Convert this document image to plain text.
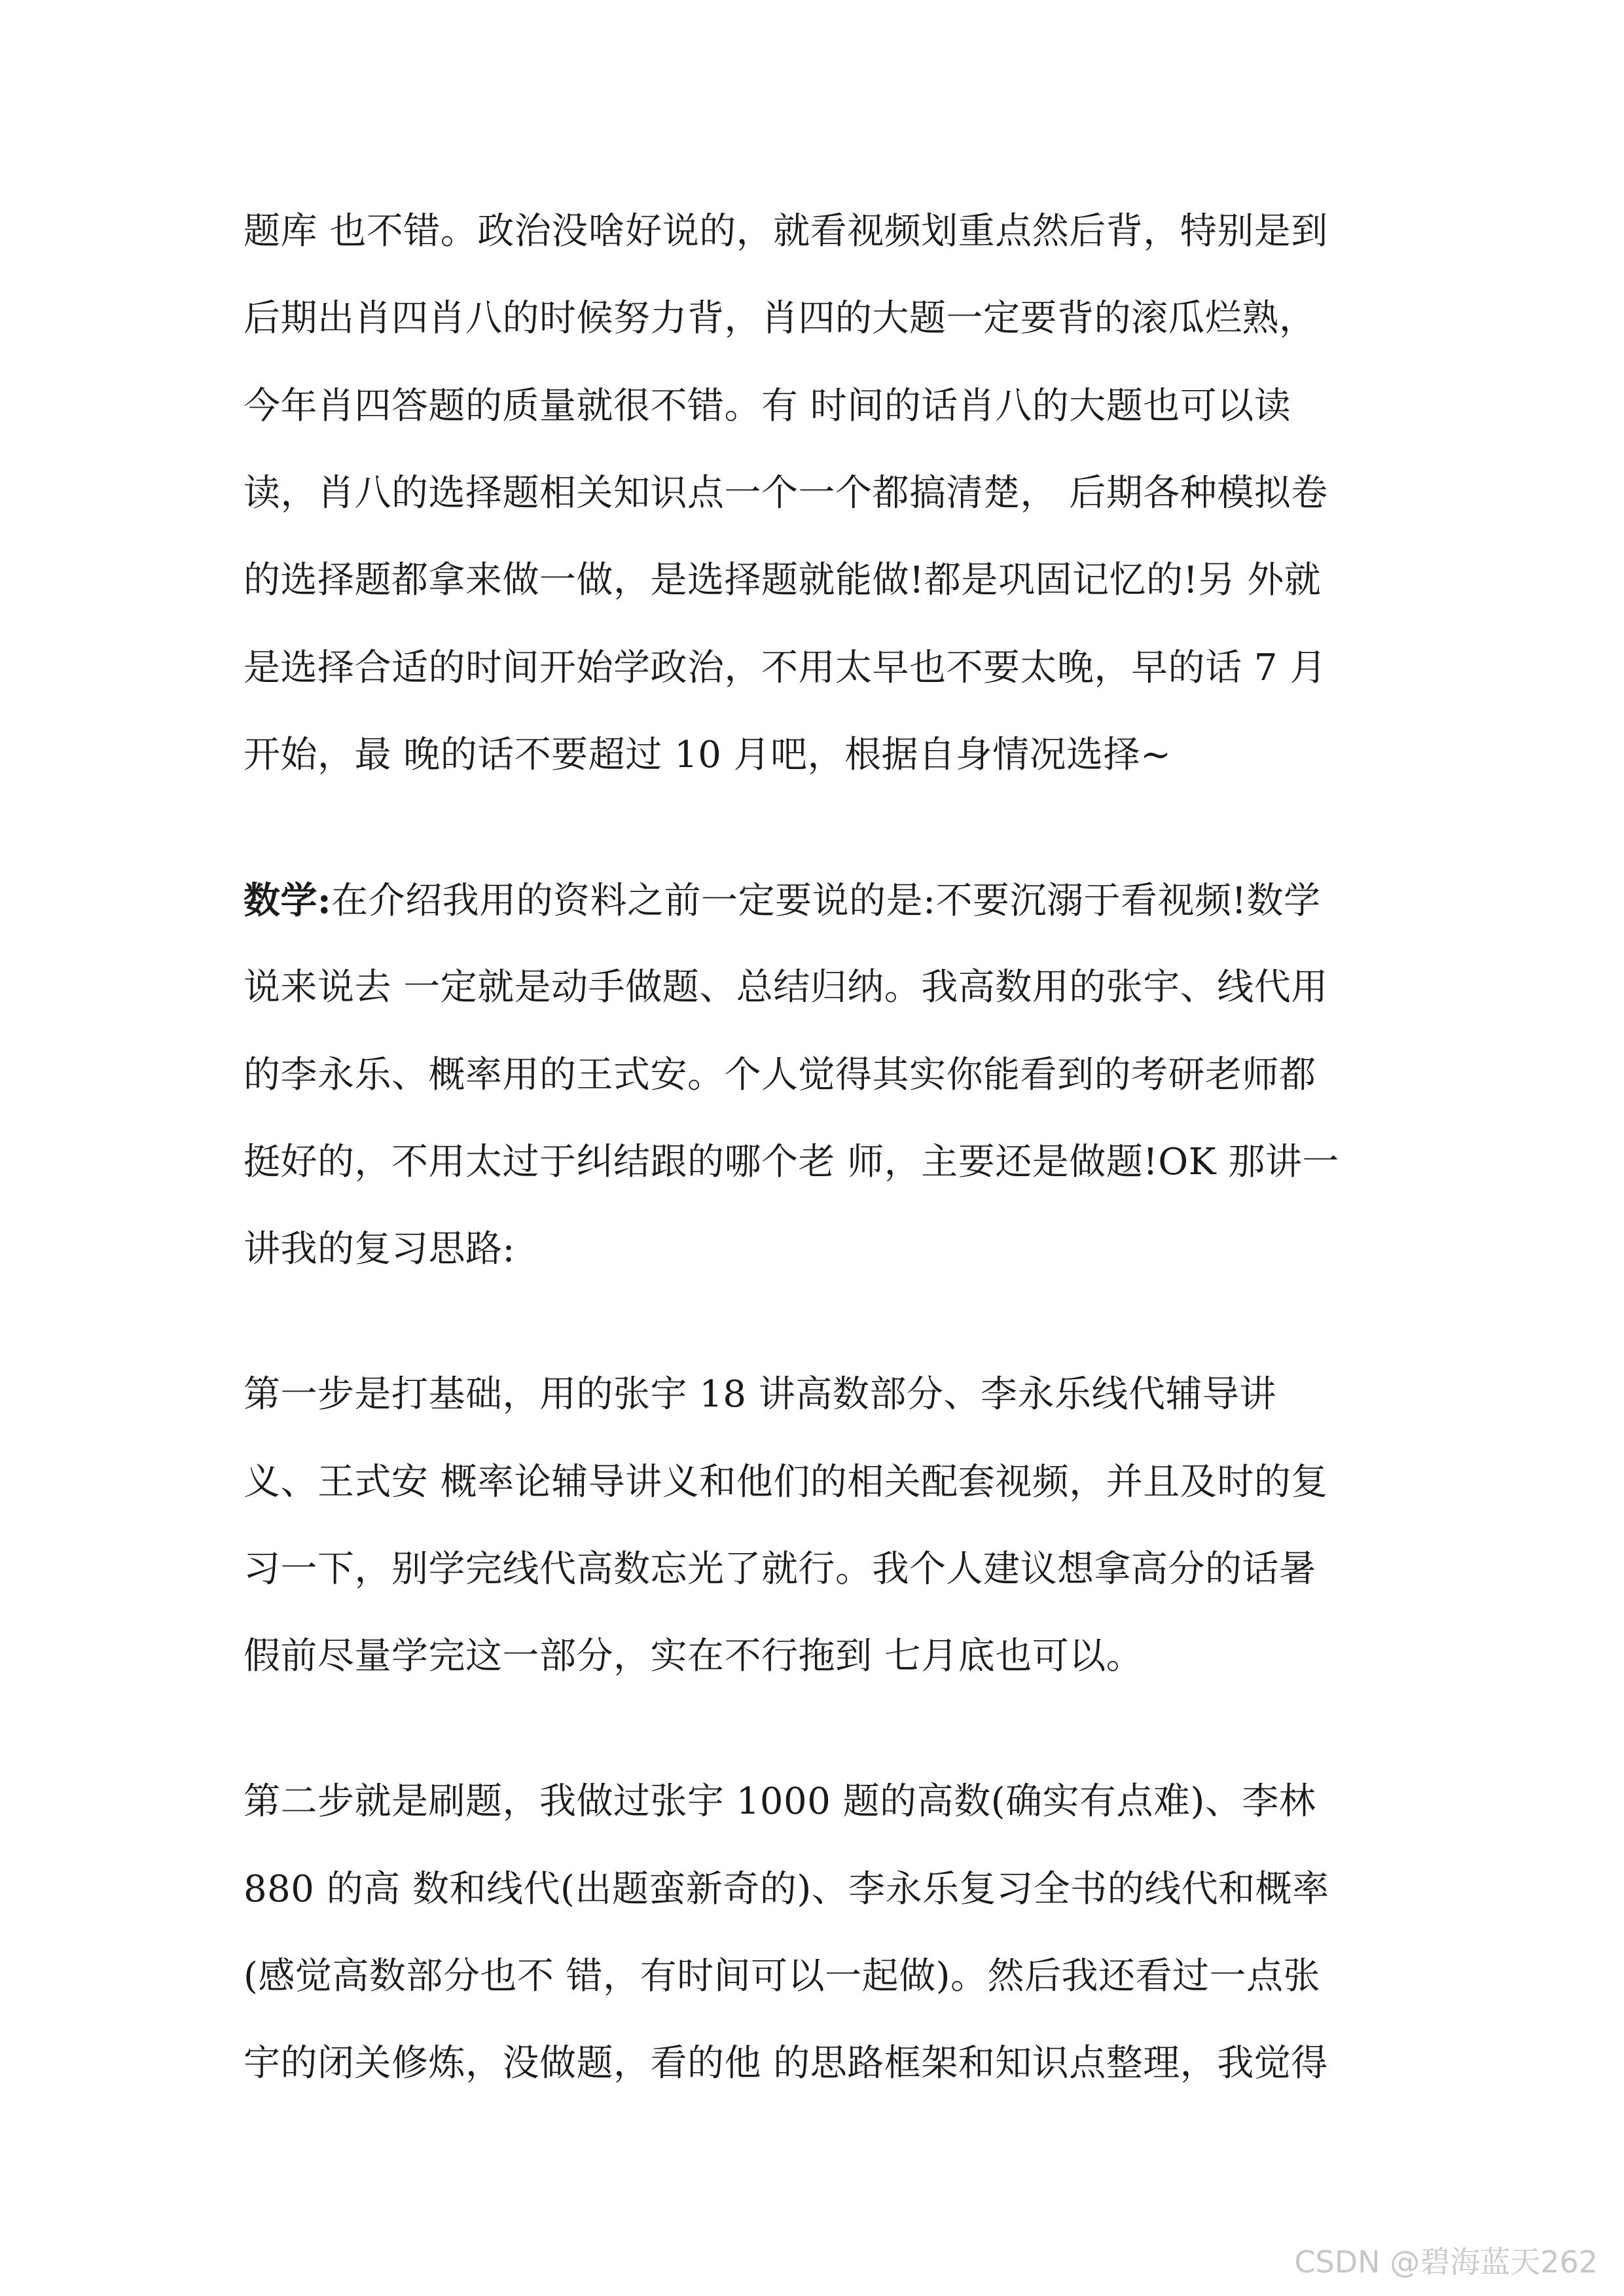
题库 也不错。政治没啥好说的，就看视频划重点然后背，特别是到
后期出肖四肖八的时候努力背，肖四的大题一定要背的滚瓜烂熟，
今年肖四答题的质量就很不错。有 时间的话肖八的大题也可以读
读，肖八的选择题相关知识点一个一个都搞清楚， 后期各种模拟卷
的选择题都拿来做一做，是选择题就能做!都是巩固记忆的!另 外就
是选择合适的时间开始学政治，不用太早也不要太晚，早的话 7 月
开始，最 晚的话不要超过 10 月吧，根据自身情况选择~
数学:在介绍我用的资料之前一定要说的是:不要沉溺于看视频!数学
说来说去 一定就是动手做题、总结归纳。我高数用的张宇、线代用
的李永乐、概率用的王式安。个人觉得其实你能看到的考研老师都
挺好的，不用太过于纠结跟的哪个老 师，主要还是做题!OK 那讲一
讲我的复习思路:
第一步是打基础，用的张宇 18 讲高数部分、李永乐线代辅导讲
义、王式安 概率论辅导讲义和他们的相关配套视频，并且及时的复
习一下，别学完线代高数忘光了就行。我个人建议想拿高分的话暑
假前尽量学完这一部分，实在不行拖到 七月底也可以。
第二步就是刷题，我做过张宇 1000 题的高数(确实有点难)、李林
880 的高 数和线代(出题蛮新奇的)、李永乐复习全书的线代和概率
(感觉高数部分也不 错，有时间可以一起做)。然后我还看过一点张
宇的闭关修炼，没做题，看的他 的思路框架和知识点整理，我觉得
CSDN @碧海蓝天262
